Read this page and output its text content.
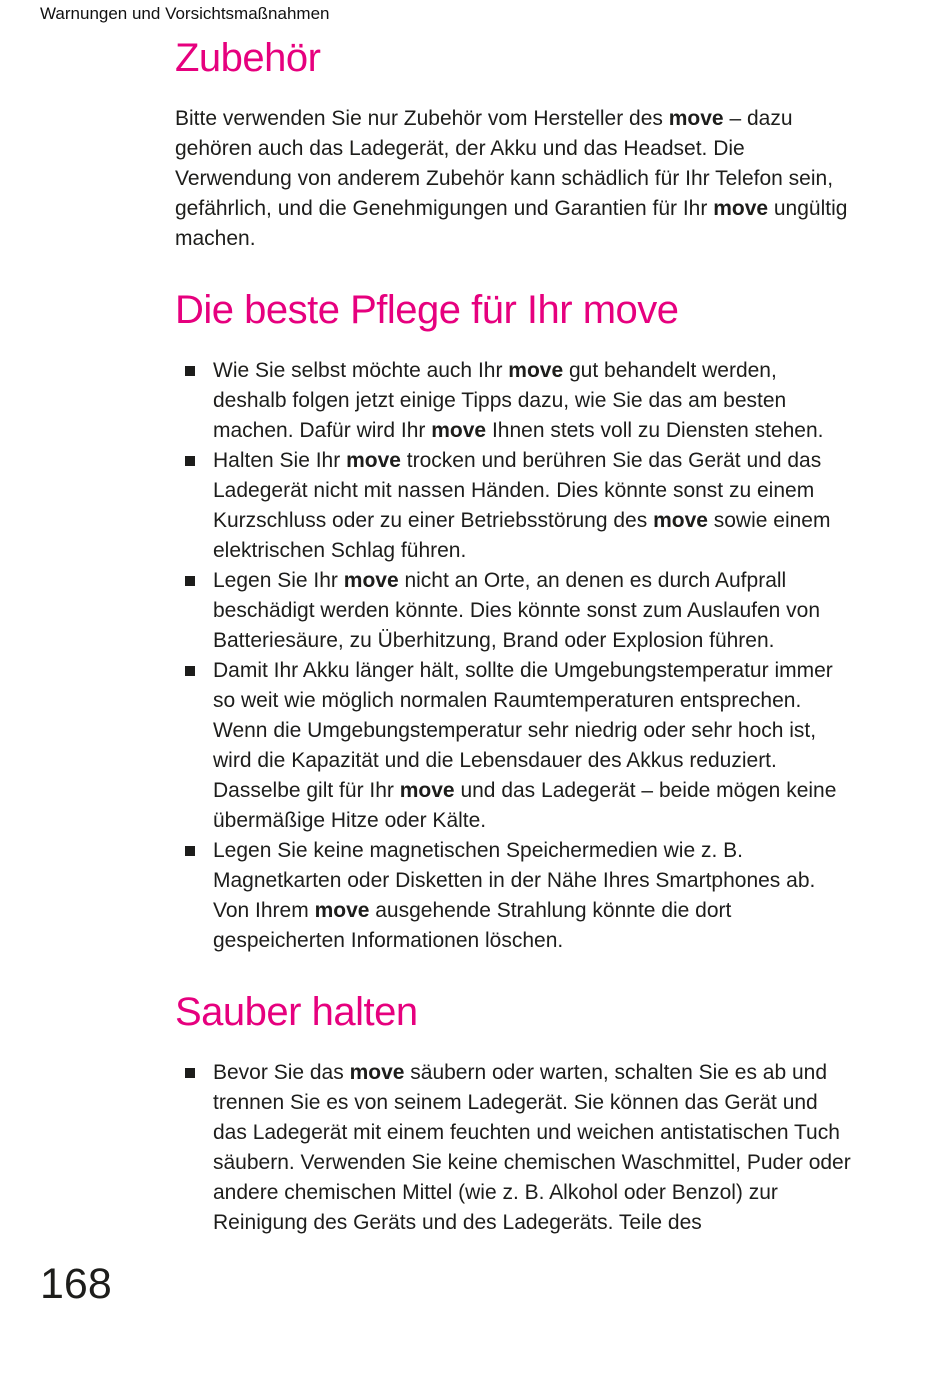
Warnungen und Vorsichtsmaßnahmen
Zubehör

Bitte verwenden Sie nur Zubehör vom Hersteller des move – dazu gehören auch das Ladegerät, der Akku und das Headset. Die Verwendung von anderem Zubehör kann schädlich für Ihr Telefon sein, gefährlich, und die Genehmigungen und Garantien für Ihr move ungültig machen.

Die beste Pflege für Ihr move
Wie Sie selbst möchte auch Ihr move gut behandelt werden, deshalb folgen jetzt einige Tipps dazu, wie Sie das am besten machen. Dafür wird Ihr move Ihnen stets voll zu Diensten stehen.
Halten Sie Ihr move trocken und berühren Sie das Gerät und das Ladegerät nicht mit nassen Händen. Dies könnte sonst zu einem Kurzschluss oder zu einer Betriebsstörung des move sowie einem elektrischen Schlag führen.
Legen Sie Ihr move nicht an Orte, an denen es durch Aufprall beschädigt werden könnte. Dies könnte sonst zum Auslaufen von Batteriesäure, zu Überhitzung, Brand oder Explosion führen.
Damit Ihr Akku länger hält, sollte die Umgebungstemperatur immer so weit wie möglich normalen Raumtemperaturen entsprechen. Wenn die Umgebungstemperatur sehr niedrig oder sehr hoch ist, wird die Kapazität und die Lebensdauer des Akkus reduziert. Dasselbe gilt für Ihr move und das Ladegerät – beide mögen keine übermäßige Hitze oder Kälte.
Legen Sie keine magnetischen Speichermedien wie z. B. Magnetkarten oder Disketten in der Nähe Ihres Smartphones ab. Von Ihrem move ausgehende Strahlung könnte die dort gespeicherten Informationen löschen.
Sauber halten
Bevor Sie das move säubern oder warten, schalten Sie es ab und trennen Sie es von seinem Ladegerät. Sie können das Gerät und das Ladegerät mit einem feuchten und weichen antistatischen Tuch säubern. Verwenden Sie keine chemischen Waschmittel, Puder oder andere chemischen Mittel (wie z. B. Alkohol oder Benzol) zur Reinigung des Geräts und des Ladegeräts. Teile des
168
